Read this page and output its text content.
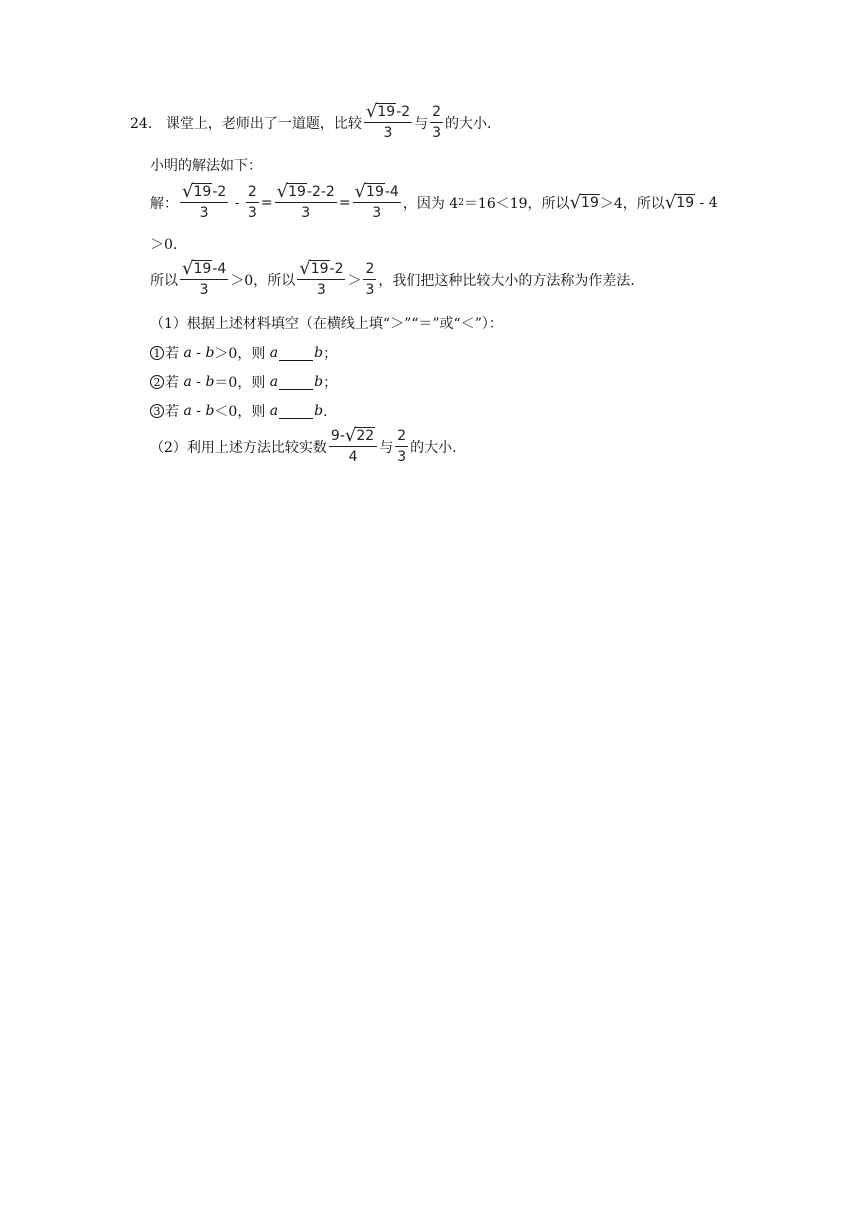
24． 课堂上，老师出了一道题，比较 $\frac{√ 19 -2}{3}$ 与 $\frac{2}{3}$ 的大小．
小明的解法如下：
解： $\frac{√ 19 -2}{3} - \frac{2}{3} = \frac{√ 19 -2-2}{3} = \frac{√ 19 -4}{3}$ ，因为 4 2 ＝16＜19，所以 √ 19 ＞4，所以 √ 19 - 4
＞0．
所以 $\frac{√ 19 -4}{3} >0$，所以 $\frac{√ 19 -2}{3} > \frac{2}{3}$ ，我们把这种比较大小的方法称为作差法．
（1）根据上述材料填空（在横线上填“＞”“＝”或“＜”）：
1 若 a - b ＞0，则 a	b ；
2 若 a - b ＝0，则 a	b ；
3 若 a - b ＜0，则 a	b ．
（2）利用上述方法比较实数 $\frac{9- √ 22}{4}$ 与 $\frac{2}{3}$ 的大小．
